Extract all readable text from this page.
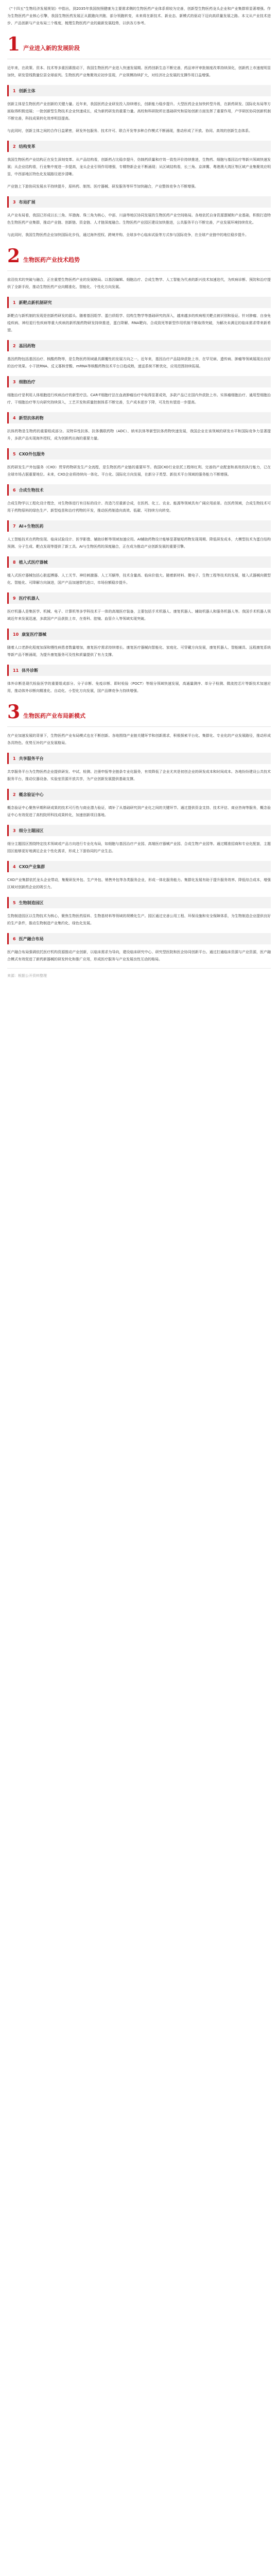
《“十四五”生物经济发展规划》中指出，到2035年我国按照健康为主要需求侧的生物医药产业体系将较为完善，创新型生物医药龙头企业和产业集群将显著增强。作为生物医药产业核心引擎，我国生物医药发展正从跟跑向并跑、部分领跑转变，未来将在新技术、新业态、新模式的驱动下迈向高质量发展之路。本文从产业技术进步、产品创新与产业布局三个维度，梳理生物医药产业的最新发展趋势，以供各方参考。

1 产业进入新的发展阶段

近年来，在政策、资本、技术等多重因素推动下，我国生物医药产业进入快速发展期。医药创新生态不断完善，药品审评审批制度改革持续深化，创新药上市速度明显加快，研发管线数量位居全球前列。生物医药产业集聚效应初步显现，产业规模持续扩大，对经济社会发展的支撑作用日益增强。

1 创新主体

创新主体是生物医药产业创新的关键力量。近年来，我国医药企业研发投入持续增长，创新能力稳步提升。大型医药企业加快转型升级，在新药研发、国际化布局等方面取得积极进展；一批创新型生物技术企业快速成长，成为新药研发的重要力量。高校和科研院所在基础研究和原始创新方面发挥了重要作用，产学研医协同创新机制不断完善，科技成果转化效率明显提高。

与此同时，创新主体之间的合作日益紧密，研发外包服务、技术许可、联合开发等多种合作模式不断涌现，推动形成了开放、协同、高效的创新生态体系。

2 结构变革

我国生物医药产业结构正在发生深刻变革。从产品结构看，创新药占比稳步提升，仿制药质量和疗效一致性评价持续推进，生物药、细胞与基因治疗等新兴领域快速发展；从企业结构看，行业集中度进一步提高，龙头企业引领作用增强，专精特新企业不断涌现；从区域结构看，长三角、京津冀、粤港澳大湾区等区域产业集聚效应明显，中西部地区特色化发展路径逐步清晰。

产业链上下游协同发展水平持续提升，原料药、制剂、医疗器械、研发服务等环节加快融合，产业整体竞争力不断增强。

3 布局扩展

从产业布局看，我国已形成以长三角、环渤海、珠三角为核心，中部、川渝等地区协同发展的生物医药产业空间格局。各地依托自身资源禀赋和产业基础，积极打造特色生物医药产业集群，推动产业链、创新链、资金链、人才链深度融合。生物医药产业园区建设加快推进，公共服务平台不断完善，产业发展环境持续优化。

与此同时，我国生物医药企业加快国际化步伐，通过海外授权、跨境并购、全球多中心临床试验等方式参与国际竞争，在全球产业链中的地位稳步提升。

2 生物医药产业技术趋势

前沿技术的突破与融合，正在重塑生物医药产业的发展格局。以基因编辑、细胞治疗、合成生物学、人工智能为代表的新兴技术加速迭代，为疾病诊断、预防和治疗提供了全新手段，推动生物医药产业向精准化、智能化、个性化方向发展。

1 新靶点新机制研究

新靶点与新机制的发现是创新药研发的源头。随着基因组学、蛋白质组学、结构生物学等基础研究的深入，越来越多的疾病相关靶点被识别和验证。针对肿瘤、自身免疫疾病、神经退行性疾病等重大疾病的新机制药物研发持续推进，蛋白降解、RNA靶向、合成致死等新型作用机制不断取得突破，为解决未满足的临床需求带来新希望。

2 基因药物

基因药物包括基因治疗、核酸药物等，是生物医药领域最具颠覆性的发展方向之一。近年来，基因治疗产品陆续获批上市，在罕见病、遗传病、肿瘤等领域展现出良好的治疗效果。小干扰RNA、反义寡核苷酸、mRNA等核酸药物技术平台日趋成熟，递送系统不断优化，应用范围持续拓展。

3 细胞治疗

细胞治疗是利用人体细胞进行疾病治疗的新型疗法。CAR-T细胞疗法在血液肿瘤治疗中取得显著成效，多款产品已在国内外获批上市。实体瘤细胞治疗、通用型细胞治疗、干细胞治疗等方向研究持续深入，工艺开发和质量控制体系不断完善，生产成本逐步下降，可及性有望进一步提高。

4 新型抗体药物

抗体药物是生物药的重要组成部分。双特异性抗体、抗体偶联药物（ADC）、纳米抗体等新型抗体药物快速发展，我国企业在该领域的研发水平和国际竞争力显著提升，多款产品实现海外授权，成为创新药出海的重要力量。

5 CXO外包服务

医药研发生产外包服务（CXO）贯穿药物研发生产全流程，是生物医药产业链的重要环节。我国CXO行业依托工程师红利、完善的产业配套和高效的执行能力，已在全球市场占据重要地位。未来，CXO企业将持续向一体化、平台化、国际化方向发展，在新分子类型、新技术平台领域的服务能力不断增强。

6 合成生物技术

合成生物学以工程化设计理念，对生物体进行有目标的设计、改造乃至重新合成，在医药、化工、农业、能源等领域具有广阔应用前景。在医药领域，合成生物技术可用于药物原料的绿色生产、新型疫苗和治疗药物的开发，推动医药制造向高效、低碳、可持续方向转变。

7 AI+生物医药

人工智能技术在药物发现、临床试验设计、医学影像、辅助诊断等领域加速应用。AI辅助药物设计能够显著缩短药物发现周期、降低研发成本，大模型技术为蛋白结构预测、分子生成、靶点发现等提供了新工具。AI与生物医药的深度融合，正在成为推动产业创新发展的重要引擎。

8 植入式医疗器械

植入式医疗器械包括心脏起搏器、人工关节、神经刺激器、人工耳蜗等，技术含量高、临床价值大。随着新材料、微电子、生物工程等技术的发展，植入式器械向微型化、智能化、可降解方向演进，国产产品加速替代进口，市场份额稳步提升。

9 医疗机器人

医疗机器人是集医学、机械、电子、计算机等多学科技术于一体的高端医疗装备，主要包括手术机器人、康复机器人、辅助机器人和服务机器人等。我国手术机器人领域近年来发展迅速，多款国产产品获批上市，在骨科、腔镜、血管介入等领域实现突破。

10 康复医疗器械

随着人口老龄化程度加深和慢性病患者数量增加，康复医疗需求持续增长。康复医疗器械向智能化、家庭化、可穿戴方向发展，康复机器人、智能辅具、远程康复系统等新产品不断涌现，为提升康复服务可及性和质量提供了有力支撑。

11 体外诊断

体外诊断是现代检验医学的重要组成部分。分子诊断、免疫诊断、即时检验（POCT）等细分领域快速发展，高通量测序、单分子检测、微流控芯片等新技术加速应用，推动体外诊断向精准化、自动化、小型化方向发展，国产品牌竞争力持续增强。

3 生物医药产业布局新模式

在产业加速发展的背景下，生物医药产业布局模式也在不断创新。各地围绕产业链关键环节和创新需求，积极探索平台化、集群化、专业化的产业发展路径，推动形成各具特色、优势互补的产业发展格局。

1 共享服务平台

共享服务平台为生物医药企业提供研发、中试、检测、注册申报等全链条专业化服务，有效降低了企业尤其是初创企业的研发成本和时间成本。各地纷纷建设公共技术服务平台，推动仪器设备、实验室资源开放共享，为产业创新发展提供基础支撑。

2 概念验证中心

概念验证中心聚焦早期科研成果的技术可行性与商业潜力验证，填补了从基础研究到产业化之间的关键环节。通过提供资金支持、技术评估、商业咨询等服务，概念验证中心有效促进了高校院所科技成果转化，加速创新项目落地。

3 细分主题园区

细分主题园区围绕特定技术领域或产品方向进行专业化布局，如细胞与基因治疗产业园、高端医疗器械产业园、合成生物产业园等。通过精准招商和专业化配套，主题园区能够更好地满足企业个性化需求，形成上下游协同的产业生态。

4 CXO产业集群

CXO产业集群依托龙头企业带动，集聚研发外包、生产外包、销售外包等各类服务企业，形成一体化服务能力。集群化发展有助于提升服务效率、降低综合成本，增强区域对创新药企业的吸引力。

5 生物制造园区

生物制造园区以生物技术为核心，聚焦生物医药原料、生物基材料等领域的规模化生产。园区通过完善公用工程、环保设施和安全保障体系，为生物制造企业提供良好的生产条件，推动生物制造产业集约化、绿色化发展。

6 医产融合布局

医产融合布局强调依托医疗机构资源推动产业创新，以临床需求为导向，建设临床研究中心、研究型医院和医企协同创新平台。通过打通临床资源与产业资源，医产融合模式有效促进了新药新器械的研发转化和推广应用，形成医疗服务与产业发展良性互动的格局。

来源：根据公开资料整理
